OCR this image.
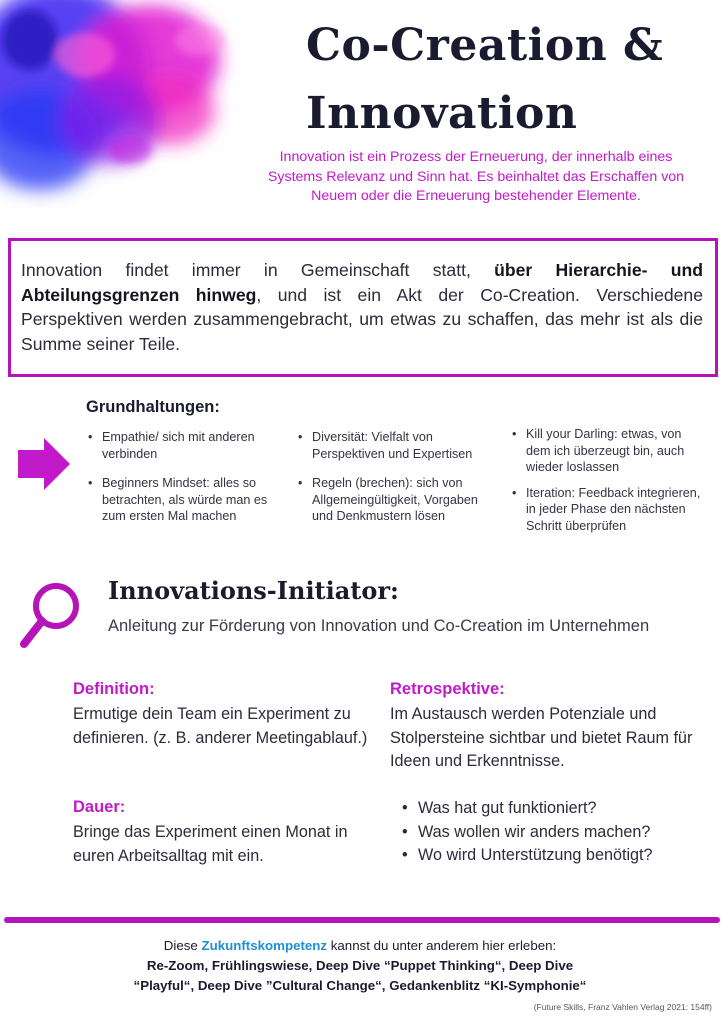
Co-Creation &
Innovation

Innovation ist ein Prozess der Erneuerung, der innerhalb eines Systems Relevanz und Sinn hat. Es beinhaltet das Erschaffen von Neuem oder die Erneuerung bestehender Elemente.

Innovation findet immer in Gemeinschaft statt, über Hierarchie- und Abteilungsgrenzen hinweg, und ist ein Akt der Co-Creation. Verschiedene Perspektiven werden zusammengebracht, um etwas zu schaffen, das mehr ist als die Summe seiner Teile.

Grundhaltungen:
• Empathie/ sich mit anderen verbinden
• Beginners Mindset: alles so betrachten, als würde man es zum ersten Mal machen
• Diversität: Vielfalt von Perspektiven und Expertisen
• Regeln (brechen): sich von Allgemeingültigkeit, Vorgaben und Denkmustern lösen
• Kill your Darling: etwas, von dem ich überzeugt bin, auch wieder loslassen
• Iteration: Feedback integrieren, in jeder Phase den nächsten Schritt überprüfen
Innovations-Initiator:
Anleitung zur Förderung von Innovation und Co-Creation im Unternehmen
Definition:
Ermutige dein Team ein Experiment zu definieren. (z. B. anderer Meetingablauf.)
Dauer:
Bringe das Experiment einen Monat in euren Arbeitsalltag mit ein.
Retrospektive:
Im Austausch werden Potenziale und Stolpersteine sichtbar und bietet Raum für Ideen und Erkenntnisse.
• Was hat gut funktioniert?
• Was wollen wir anders machen?
• Wo wird Unterstützung benötigt?
Diese Zukunftskompetenz kannst du unter anderem hier erleben:
Re-Zoom, Frühlingswiese, Deep Dive “Puppet Thinking“, Deep Dive
“Playful“, Deep Dive ”Cultural Change“, Gedankenblitz “KI-Symphonie“
(Future Skills, Franz Vahlen Verlag 2021: 154ff)
